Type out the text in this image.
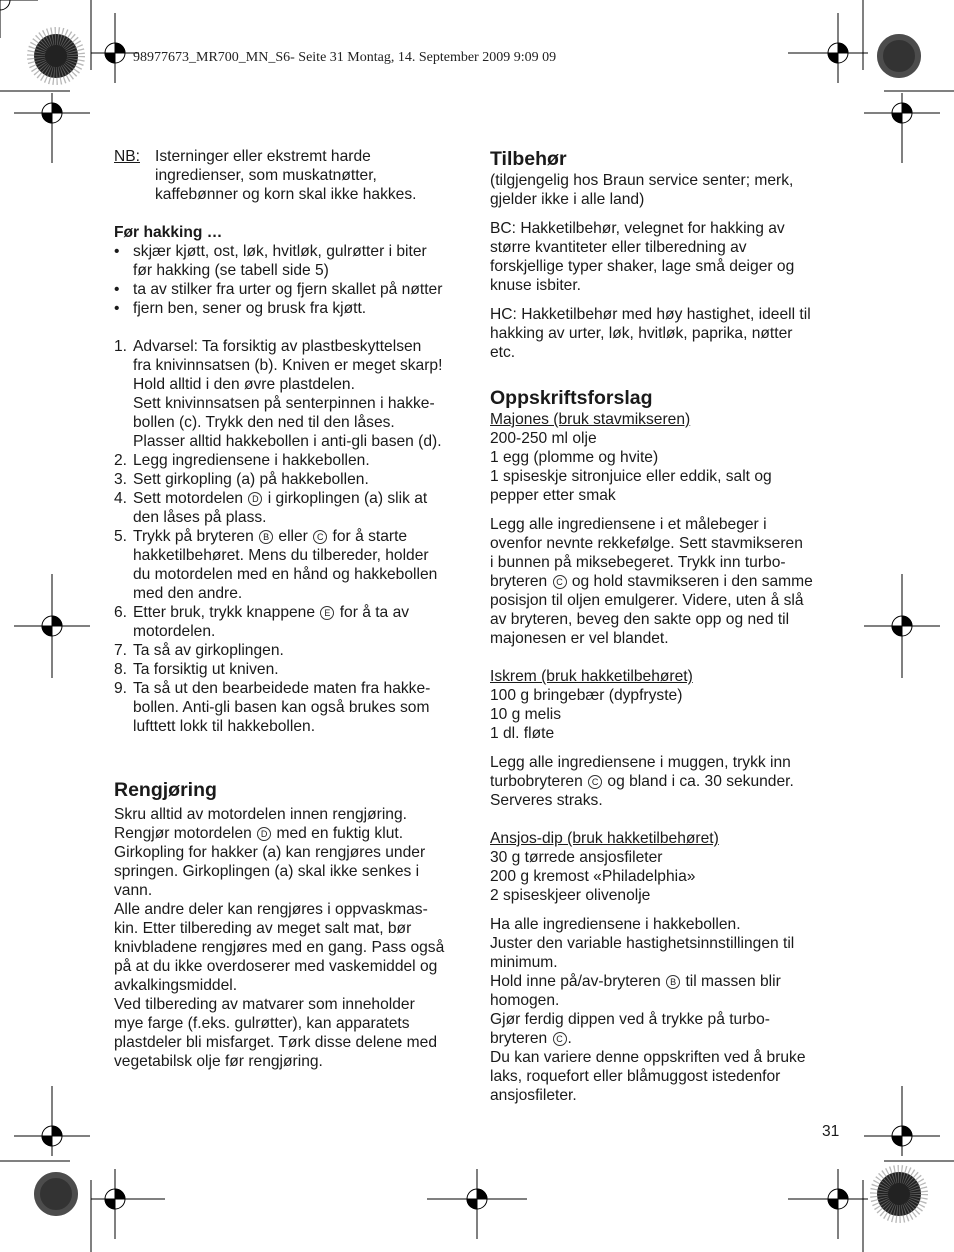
98977673_MR700_MN_S6- Seite 31 Montag, 14. September 2009 9:09 09
NB: Isterninger eller ekstremt harde

ingredienser, som muskatnøtter,

kaffebønner og korn skal ikke hakkes.

Før hakking …

• skjær kjøtt, ost, løk, hvitløk, gulrøtter i biter

før hakking (se tabell side 5)

• ta av stilker fra urter og fjern skallet på nøtter

• fjern ben, sener og brusk fra kjøtt.

1. Advarsel: Ta forsiktig av plastbeskyttelsen

fra knivinnsatsen (b). Kniven er meget skarp!

Hold alltid i den øvre plastdelen.

Sett knivinnsatsen på senterpinnen i hakke-

bollen (c). Trykk den ned til den låses.

Plasser alltid hakkebollen i anti-gli basen (d).

2. Legg ingrediensene i hakkebollen.

3. Sett girkopling (a) på hakkebollen.

4. Sett motordelen D i girkoplingen (a) slik at

den låses på plass.

5. Trykk på bryteren B eller C for å starte

hakketilbehøret. Mens du tilbereder, holder

du motordelen med en hånd og hakkebollen

med den andre.

6. Etter bruk, trykk knappene E for å ta av

motordelen.

7. Ta så av girkoplingen.

8. Ta forsiktig ut kniven.

9. Ta så ut den bearbeidede maten fra hakke-

bollen. Anti-gli basen kan også brukes som

lufttett lokk til hakkebollen.

Rengjøring

Skru alltid av motordelen innen rengjøring.

Rengjør motordelen D med en fuktig klut.

Girkopling for hakker (a) kan rengjøres under

springen. Girkoplingen (a) skal ikke senkes i

vann.

Alle andre deler kan rengjøres i oppvaskmas-

kin. Etter tilbereding av meget salt mat, bør

knivbladene rengjøres med en gang. Pass også

på at du ikke overdoserer med vaskemiddel og

avkalkingsmiddel.

Ved tilbereding av matvarer som inneholder

mye farge (f.eks. gulrøtter), kan apparatets

plastdeler bli misfarget. Tørk disse delene med

vegetabilsk olje før rengjøring.

Tilbehør

(tilgjengelig hos Braun service senter; merk,

gjelder ikke i alle land)

BC: Hakketilbehør, velegnet for hakking av

større kvantiteter eller tilberedning av

forskjellige typer shaker, lage små deiger og

knuse isbiter.

HC: Hakketilbehør med høy hastighet, ideell til

hakking av urter, løk, hvitløk, paprika, nøtter

etc.

Oppskriftsforslag

Majones (bruk stavmikseren)

200-250 ml olje

1 egg (plomme og hvite)

1 spiseskje sitronjuice eller eddik, salt og

pepper etter smak

Legg alle ingrediensene i et målebeger i

ovenfor nevnte rekkefølge. Sett stavmikseren

i bunnen på miksebegeret. Trykk inn turbo-

bryteren C og hold stavmikseren i den samme

posisjon til oljen emulgerer. Videre, uten å slå

av bryteren, beveg den sakte opp og ned til

majonesen er vel blandet.

Iskrem (bruk hakketilbehøret)

100 g bringebær (dypfryste)

10 g melis

1 dl. fløte

Legg alle ingrediensene i muggen, trykk inn

turbobryteren C og bland i ca. 30 sekunder.

Serveres straks.

Ansjos-dip (bruk hakketilbehøret)

30 g tørrede ansjosfileter

200 g kremost «Philadelphia»

2 spiseskjeer olivenolje

Ha alle ingrediensene i hakkebollen.

Juster den variable hastighetsinnstillingen til

minimum.

Hold inne på/av-bryteren B til massen blir

homogen.

Gjør ferdig dippen ved å trykke på turbo-

bryteren C .

Du kan variere denne oppskriften ved å bruke

laks, roquefort eller blåmuggost istedenfor

ansjosfileter.

31
